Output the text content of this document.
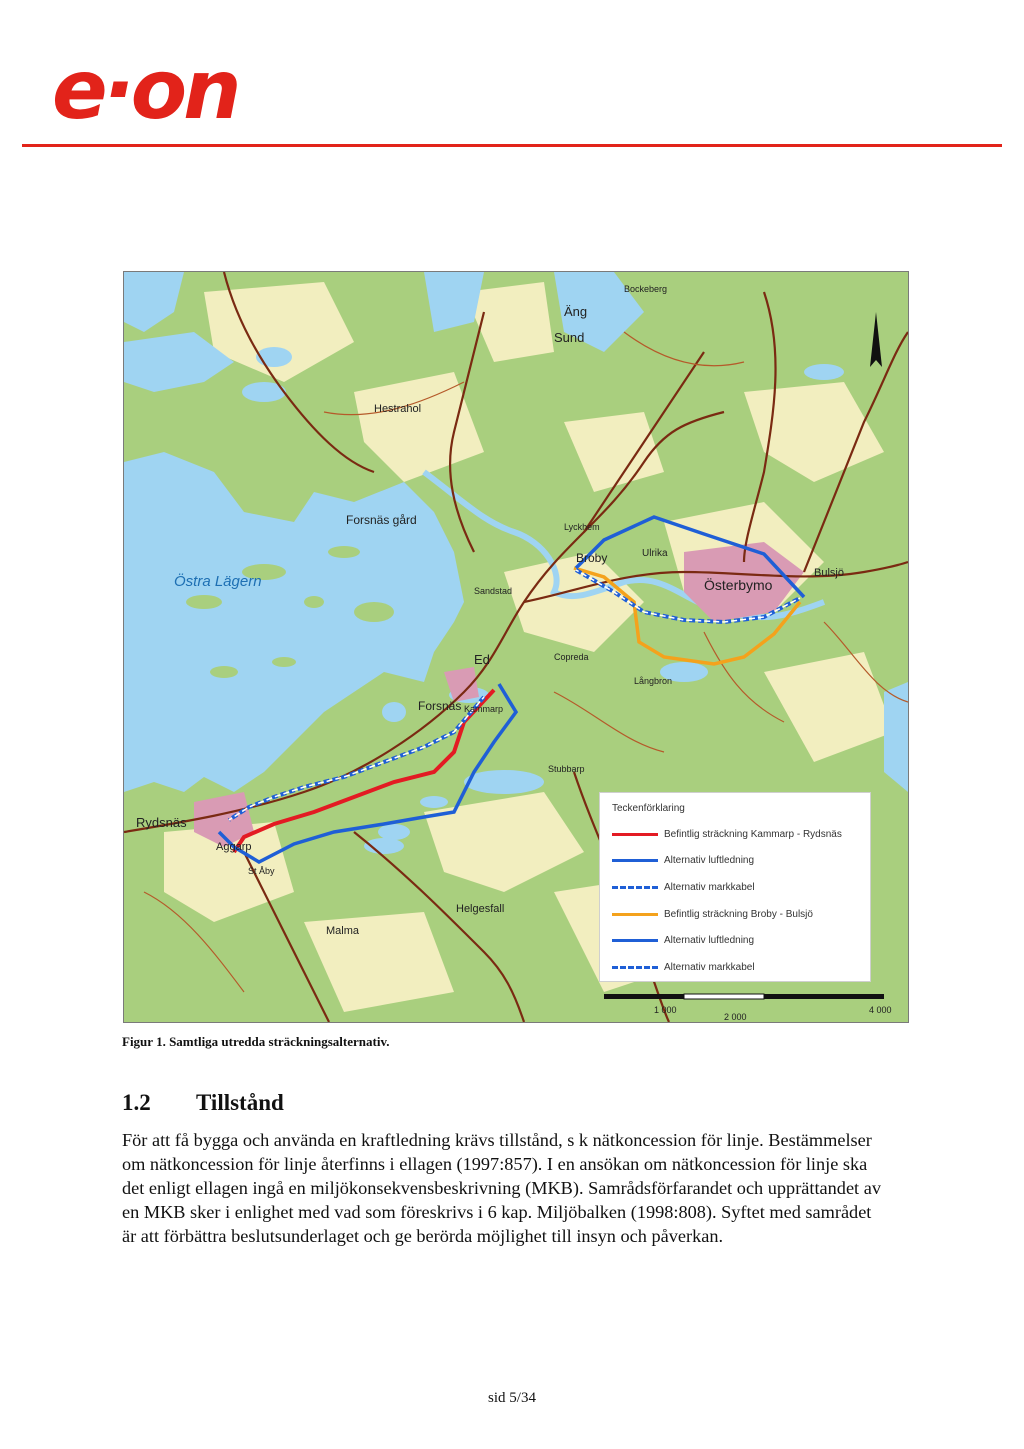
e·on
Östra Lägern
Rydsnäs
Österbymo
Forsnäs
Forsnäs gård
Ed
Broby
Sund
Äng
Hestrahol
Bulsjö
Kammarp
Lyckhem
Helgesfall
Malma
Sandstad
Copreda
Ulrika
Långbron
Bockeberg
Stubbarp
Aggarp
St Åby
1 000
2 000
4 000
Teckenförklaring
Befintlig sträckning Kammarp - Rydsnäs
Alternativ luftledning
Alternativ markkabel
Befintlig sträckning Broby - Bulsjö
Alternativ luftledning
Alternativ markkabel
Figur 1. Samtliga utredda sträckningsalternativ.
1.2	Tillstånd
För att få bygga och använda en kraftledning krävs tillstånd, s k nätkoncession för linje. Bestämmelser om nätkoncession för linje återfinns i ellagen (1997:857). I en ansökan om nätkoncession för linje ska det enligt ellagen ingå en miljökonsekvensbeskrivning (MKB). Samrådsförfarandet och upprättandet av en MKB sker i enlighet med vad som föreskrivs i 6 kap. Miljöbalken (1998:808). Syftet med samrådet är att förbättra beslutsunderlaget och ge berörda möjlighet till insyn och påverkan.
sid 5/34
